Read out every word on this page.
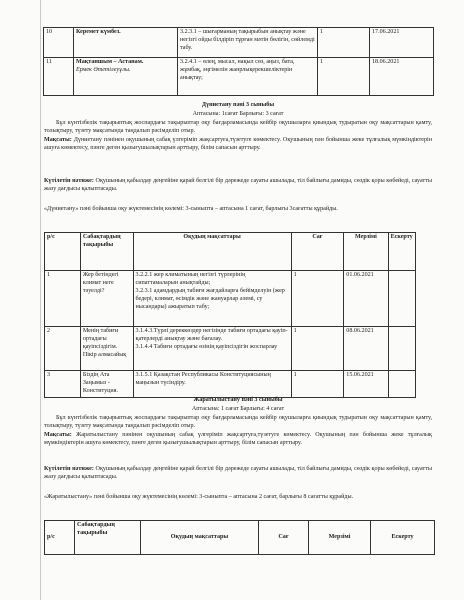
10	Керемет күмбез.	3.2.3.1 – шығарманың тақырыбын анықтау және негізгі ойды білдіріп тұрған мәтін бөлігін, сөйлемді табу.	1	17.06.2021
11	Мақтаншым – Астанам.
Ермек Өтетілеуұлы.	3.2.4.1 – өлең, мысал, нақыл сөз, аңыз, бата, жұмбақ, әңгімелін жанрлықерекшеліктерін анықтау;	1	18.06.2021
Дүниетану пәні 3 сыныбы
Аптасына: 1сағат Барлығы: 3 сағат
Бұл күнтізбелік тақырыптық жоспардағы тақырыптар оқу бағдарламасында кейбір оқушыларға қиындық тудыратын оқу мақсаттарын қамту, толықтыру, түзету мақсатында таңдалып рәсімделіп отыр.
Мақсаты: Дүниетану пәнінен оқушының сабақ үлгеріміп жақсартуға,түзетуге көмектесу. Оқушының пән бойынша жеке тұлғалық мүмкіндіктерін ашуға көмектесу, пәнге деген қызығушылықтарын арттыру, білім сапасын арттыру.
Күтілетін нәтиже: Оқушының қабылдау деңгейіне қарай белгілі бір дәрежеде сауаты ашылады, тіл байлығы дамиды, сөздік қоры көбейеді, сауатты жазу дағдысы қалыптасады.
«Дүниетану» пәні бойынша оқу жүктемесінің көлемі: 3-сыныпта – аптасына 1 сағат, барлығы 3сағатты құрайды.
р/с	Сабақтардың тақырыбы	Оқудың мақсаттары	Сағ	Мерзімі	Ескерту
1	Жер бетіндегі климат неге тәуелді?	3.2.2.1 жер климатының негізгі түрлерінің сипаттамаларын анықтайды;
3.2.3.1 адамдардың табиғи жағдайларға бейімделуін (жер бедері, климат, өсімдік және жануарлар әлемі, су нысандары) ажыратып табу;	1	01.06.2021	
2	Менің табиғи ортадағы қауіпсіздігім. Пікір алмасайық	3.1.4.3.Түрлі дереккөздер негізінде табиғи ортадағы қауіп-қатерлерді анықтау және бағалау.
3.1.4.4 Табиғи ортадағы өзінің қауіпсіздігін жоспарлау	1	08.06.2021	
3	Біздің Ата Заңымыз - Конституция.	3.1.5.1 Қазақстан Республикасы Конституциясының маңызын түсіндіру.	1	15.06.2021	
Жаратылыстану пәні 3 сыныбы
Аптасына: 1 сағат Барлығы: 4 сағат
Бұл күнтізбелік тақырыптық жоспардағы тақырыптар оқу бағдарламасында кейбір оқушыларға қиындық тудыратын оқу мақсаттарын қамту, толықтыру, түзету мақсатында таңдалып рәсімделіп отыр.
Мақсаты: Жаратылыстану пәнінен оқушының сабақ үлгеріміп жақсартуға,түзетуге көмектесу. Оқушының пән бойынша жеке тұлғалық мүмкіндіктерін ашуға көмектесу, пәнге деген қызығушылықтарын арттыру, білім сапасын арттыру.
Күтілетін нәтиже: Оқушының қабылдау деңгейіне қарай белгілі бір дәрежеде сауаты ашылады, тіл байлығы дамиды, сөздік қоры көбейеді, сауатты жазу дағдысы қалыптасады.
«Жаратылыстану» пәні бойынша оқу жүктемесінің көлемі: 3-сыныпта – аптасына 2 сағат, барлығы 8 сағатты құрайды.
р/с	Сабақтардың тақырыбы	Оқудың мақсаттары	Сағ	Мерзімі	Ескерту
